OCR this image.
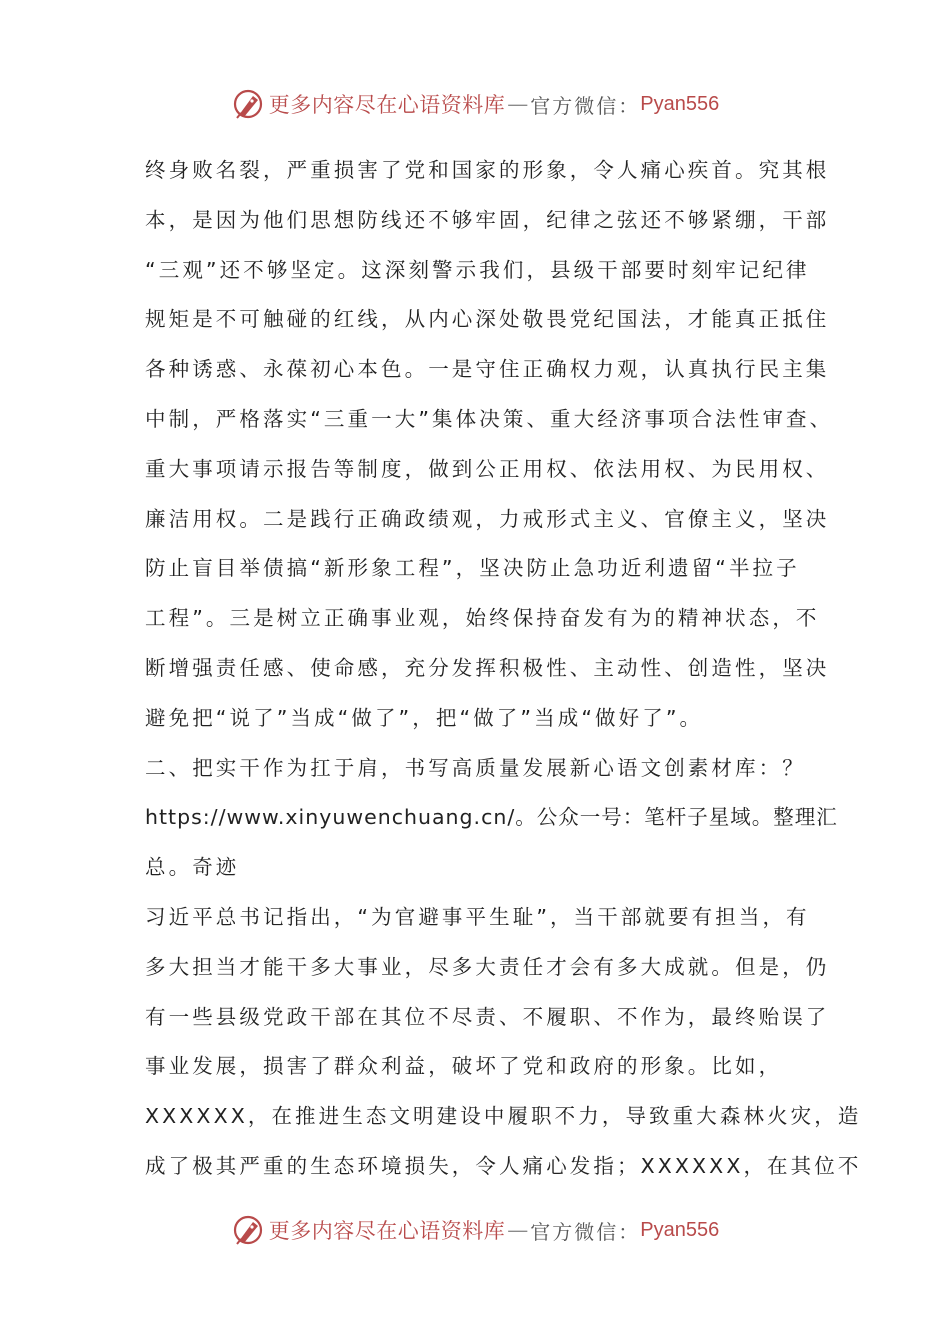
更多内容尽在心语资料库 — 官方微信： Pyan556
终身败名裂，严重损害了党和国家的形象，令人痛心疾首。究其根
本，是因为他们思想防线还不够牢固，纪律之弦还不够紧绷，干部
“三观”还不够坚定。这深刻警示我们，县级干部要时刻牢记纪律
规矩是不可触碰的红线，从内心深处敬畏党纪国法，才能真正抵住
各种诱惑、永葆初心本色。一是守住正确权力观，认真执行民主集
中制，严格落实“三重一大”集体决策、重大经济事项合法性审查、
重大事项请示报告等制度，做到公正用权、依法用权、为民用权、
廉洁用权。二是践行正确政绩观，力戒形式主义、官僚主义，坚决
防止盲目举债搞“新形象工程”，坚决防止急功近利遗留“半拉子
工程”。三是树立正确事业观，始终保持奋发有为的精神状态，不
断增强责任感、使命感，充分发挥积极性、主动性、创造性，坚决
避免把“说了”当成“做了”，把“做了”当成“做好了”。
二、把实干作为扛于肩，书写高质量发展新心语文创素材库：？
https://www.xinyuwenchuang.cn/。公众一号：笔杆子星域。整理汇
总。奇迹
习近平总书记指出，“为官避事平生耻”，当干部就要有担当，有
多大担当才能干多大事业，尽多大责任才会有多大成就。但是，仍
有一些县级党政干部在其位不尽责、不履职、不作为，最终贻误了
事业发展，损害了群众利益，破坏了党和政府的形象。比如，
XXXXXX，在推进生态文明建设中履职不力，导致重大森林火灾，造
成了极其严重的生态环境损失，令人痛心发指；XXXXXX，在其位不
更多内容尽在心语资料库 — 官方微信： Pyan556
